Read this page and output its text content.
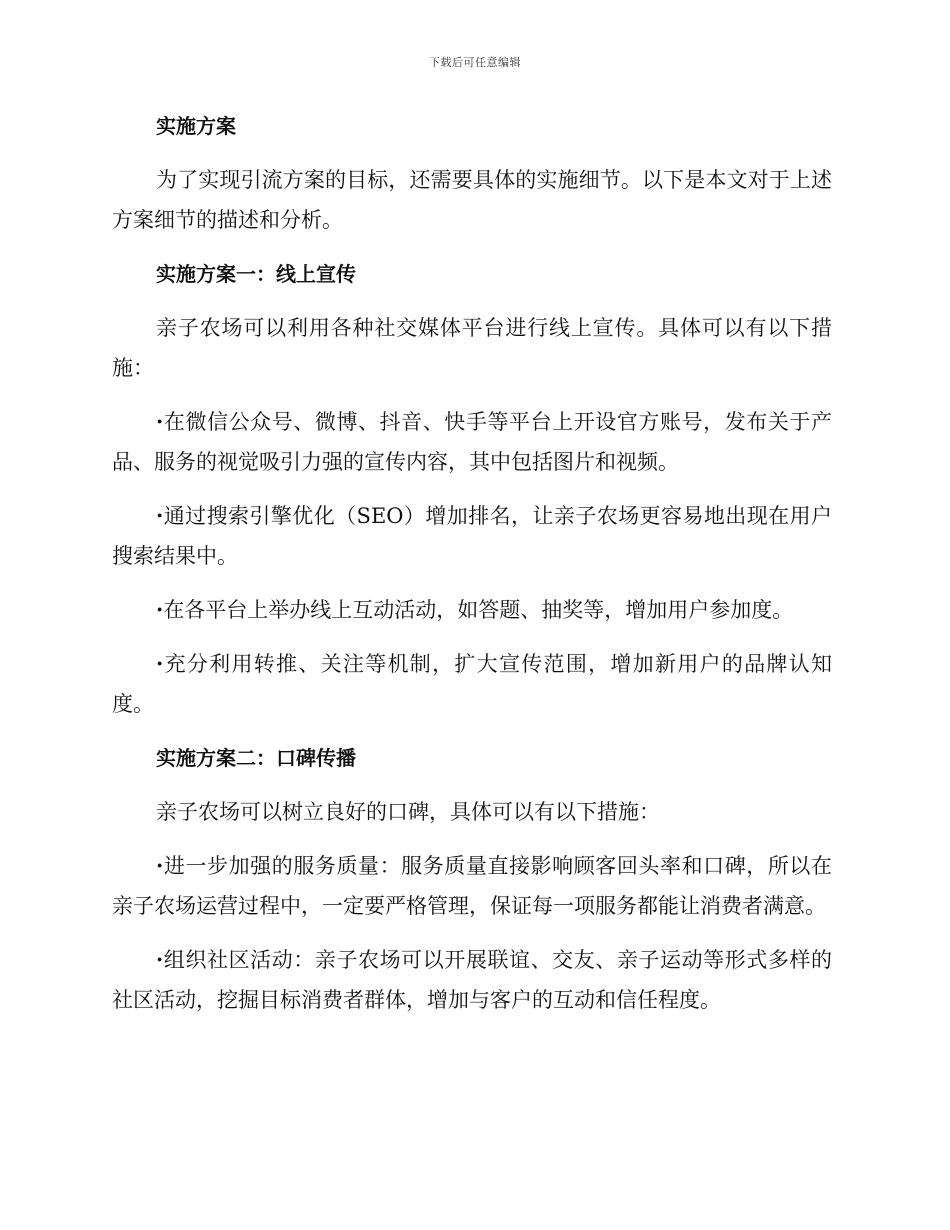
下载后可任意编辑
实施方案

为了实现引流方案的目标，还需要具体的实施细节。以下是本文对于上述方案细节的描述和分析。

实施方案一：线上宣传

亲子农场可以利用各种社交媒体平台进行线上宣传。具体可以有以下措施：

·在微信公众号、微博、抖音、快手等平台上开设官方账号，发布关于产品、服务的视觉吸引力强的宣传内容，其中包括图片和视频。

·通过搜索引擎优化（SEO）增加排名，让亲子农场更容易地出现在用户搜索结果中。

·在各平台上举办线上互动活动，如答题、抽奖等，增加用户参加度。

·充分利用转推、关注等机制，扩大宣传范围，增加新用户的品牌认知度。

实施方案二：口碑传播

亲子农场可以树立良好的口碑，具体可以有以下措施：

·进一步加强的服务质量：服务质量直接影响顾客回头率和口碑，所以在亲子农场运营过程中，一定要严格管理，保证每一项服务都能让消费者满意。

·组织社区活动：亲子农场可以开展联谊、交友、亲子运动等形式多样的社区活动，挖掘目标消费者群体，增加与客户的互动和信任程度。
